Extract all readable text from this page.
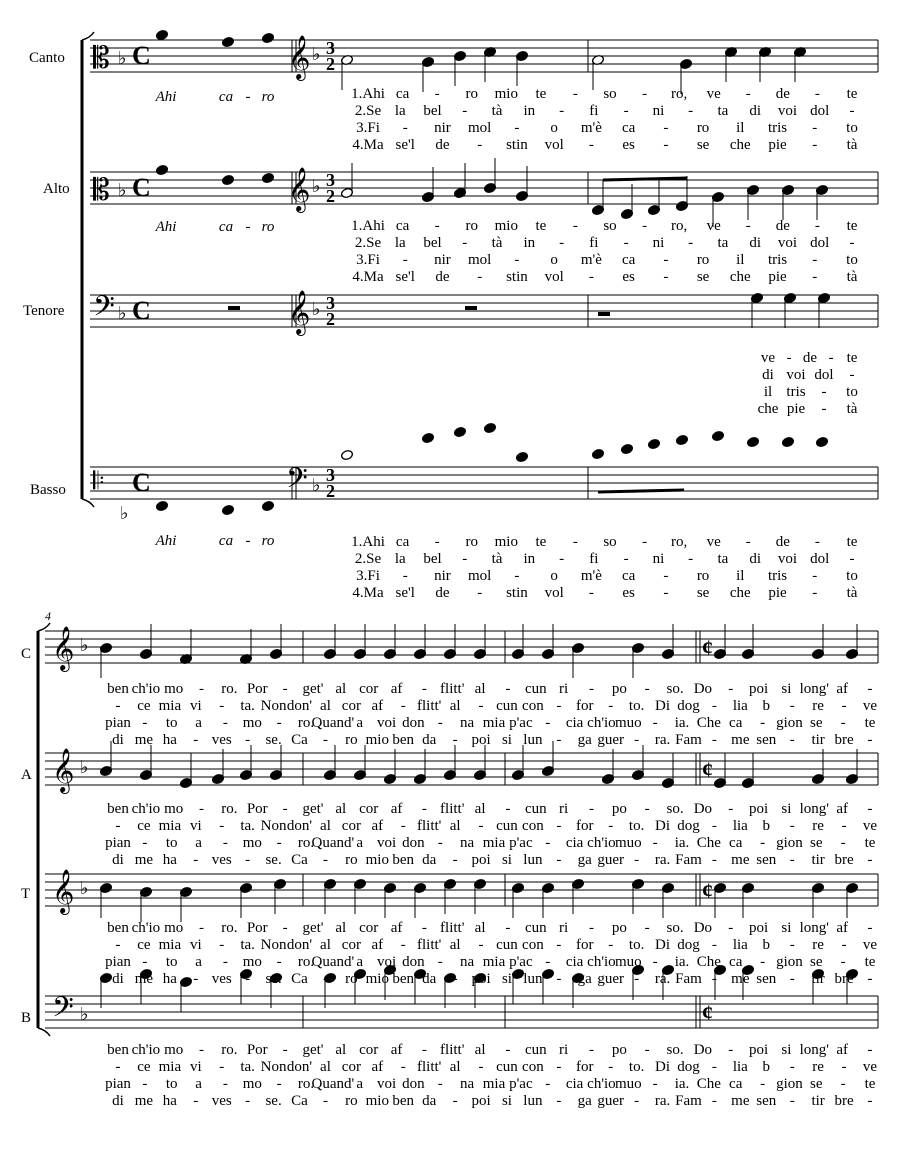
Canto
Alto
Tenore
Basso
C
A
T
B
𝄡 ♭ C
𝄡 ♭ C
𝄢 ♭ C
𝄆
♭
C
𝄞 ♭ 3
2
𝄞 ♭ 3
2
𝄞 ♭ 3
2
𝄢 ♭ 3
2
4
𝄞 ♭
𝄞 ♭
𝄞 ♭
𝄢 ♭
¢
¢
¢
¢
Ahi	ca - ro
Ahi	ca - ro
Ahi	ca - ro
1.Ahi ca - ro mio te - so - ro, ve - de - te
2.Se la bel - tà in - fi - ni - ta di voi dol -
3.Fi - nir mol - o m'è ca - ro il tris - to
4.Ma se'l de - stin vol - es - se che pie - tà
1.Ahi ca - ro mio te - so - ro, ve - de - te
2.Se la bel - tà in - fi - ni - ta di voi dol -
3.Fi - nir mol - o m'è ca - ro il tris - to
4.Ma se'l de - stin vol - es - se che pie - tà
1.Ahi ca - ro mio te - so - ro, ve - de - te
2.Se la bel - tà in - fi - ni - ta di voi dol -
3.Fi - nir mol - o m'è ca - ro il tris - to
4.Ma se'l de - stin vol - es - se che pie - tà
ve - de - te
di voi dol -
il tris - to
che pie - tà
ben ch'io mo - ro. Por - get' al cor af - flitt' al - cun ri - po - so. Do - poi si long' af -
- ce mia vi - ta. Non don' al cor af - flitt' al - cun con - for - to. Di dog - lia b - re - ve
pian - to a - mo - ro.
Quand' a voi don - na mia p'ac - cia ch'io muo - ia. Che ca - gion se - te
di me ha - ves - se. Ca - ro mio ben da - poi si lun - ga guer - ra. Fam - me sen - tir bre -
ben ch'io mo - ro. Por - get' al cor af - flitt' al - cun ri - po - so. Do - poi si long' af -
- ce mia vi - ta. Non don' al cor af - flitt' al - cun con - for - to. Di dog - lia b - re - ve
pian - to a - mo - ro.
Quand' a voi don - na mia p'ac - cia ch'io muo - ia. Che ca - gion se - te
di me ha - ves - se. Ca - ro mio ben da - poi si lun - ga guer - ra. Fam - me sen - tir bre -
ben ch'io mo - ro. Por - get' al cor af - flitt' al - cun ri - po - so. Do - poi si long' af -
- ce mia vi - ta. Non don' al cor af - flitt' al - cun con - for - to. Di dog - lia b - re - ve
pian - to a - mo - ro.
Quand' a voi don - na mia p'ac - cia ch'io muo - ia. Che ca - gion se - te
di me ha - ves - se. Ca - ro mio ben da - poi si lun - ga guer - ra. Fam - me sen - tir bre -
ben ch'io mo - ro. Por - get' al cor af - flitt' al - cun ri - po - so. Do - poi si long' af -
- ce mia vi - ta. Non don' al cor af - flitt' al - cun con - for - to. Di dog - lia b - re - ve
pian - to a - mo - ro.
Quand' a voi don - na mia p'ac - cia ch'io muo - ia. Che ca - gion se - te
di me ha - ves - se. Ca - ro mio ben da - poi si lun - ga guer - ra. Fam - me sen - tir bre -
